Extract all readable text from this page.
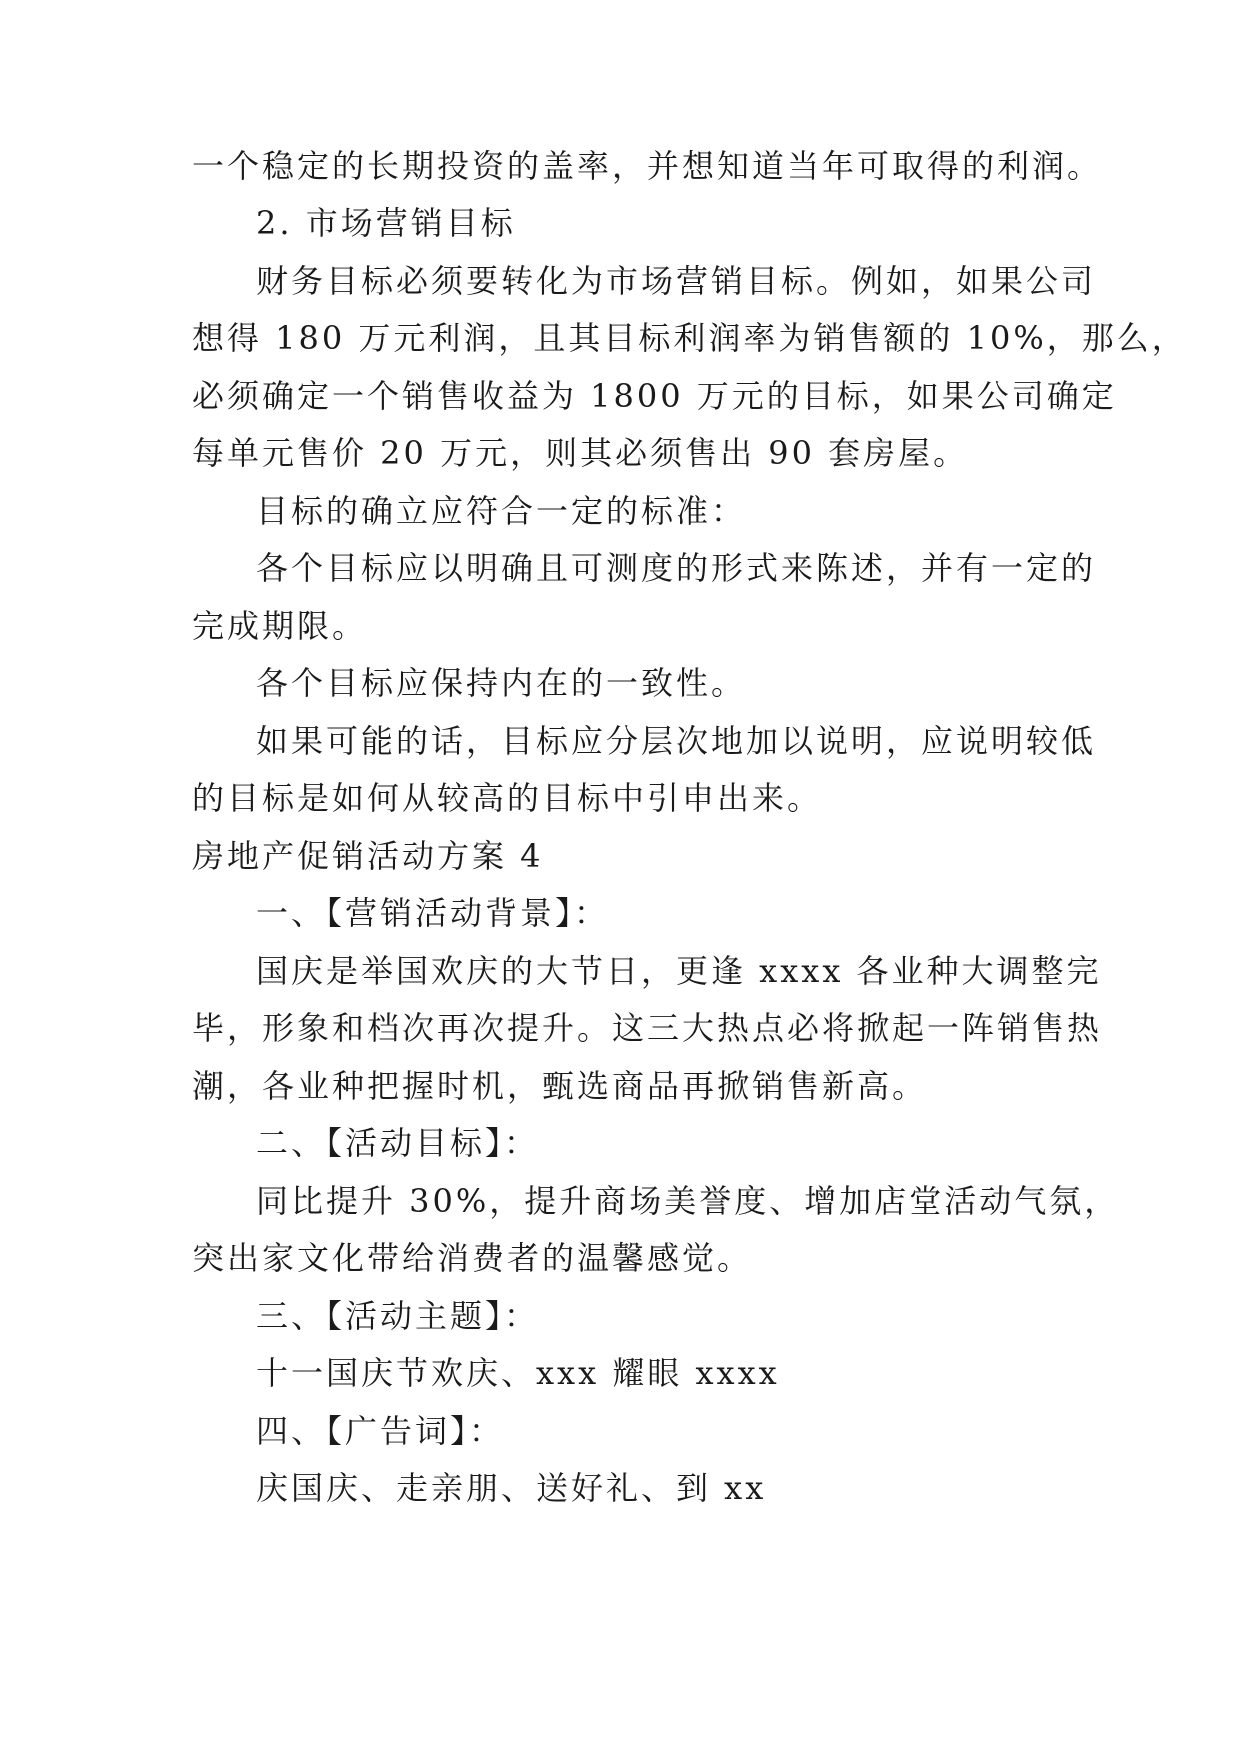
一个稳定的长期投资的盖率，并想知道当年可取得的利润。

2. 市场营销目标

财务目标必须要转化为市场营销目标。例如，如果公司

想得 180 万元利润，且其目标利润率为销售额的 10%，那么，

必须确定一个销售收益为 1800 万元的目标，如果公司确定

每单元售价 20 万元，则其必须售出 90 套房屋。

目标的确立应符合一定的标准：

各个目标应以明确且可测度的形式来陈述，并有一定的

完成期限。

各个目标应保持内在的一致性。

如果可能的话，目标应分层次地加以说明，应说明较低

的目标是如何从较高的目标中引申出来。

房地产促销活动方案 4

一、【营销活动背景】：

国庆是举国欢庆的大节日，更逢 xxxx 各业种大调整完

毕，形象和档次再次提升。这三大热点必将掀起一阵销售热

潮，各业种把握时机，甄选商品再掀销售新高。

二、【活动目标】：

同比提升 30%，提升商场美誉度、增加店堂活动气氛，

突出家文化带给消费者的温馨感觉。

三、【活动主题】：

十一国庆节欢庆、xxx 耀眼 xxxx

四、【广告词】：

庆国庆、走亲朋、送好礼、到 xx
